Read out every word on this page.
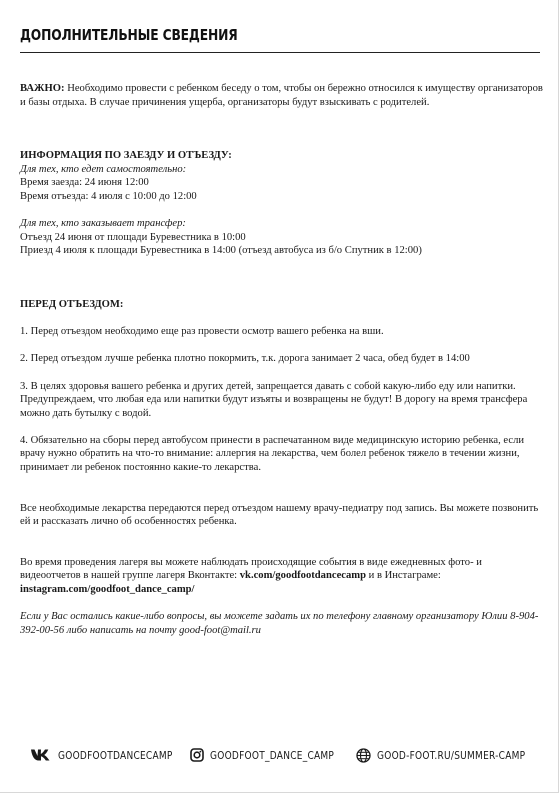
ДОПОЛНИТЕЛЬНЫЕ СВЕДЕНИЯ

ВАЖНО: Необходимо провести с ребенком беседу о том, чтобы он бережно относился к имуществу организаторов и базы отдыха. В случае причинения ущерба, организаторы будут взыскивать с родителей.

ИНФОРМАЦИЯ ПО ЗАЕЗДУ И ОТЪЕЗДУ:

Для тех, кто едет самостоятельно:

Время заезда: 24 июня 12:00

Время отъезда: 4 июля с 10:00 до 12:00

Для тех, кто заказывает трансфер:

Отъезд 24 июня от площади Буревестника в 10:00

Приезд 4 июля к площади Буревестника в 14:00 (отъезд автобуса из б/о Спутник в 12:00)

ПЕРЕД ОТЪЕЗДОМ:

1. Перед отъездом необходимо еще раз провести осмотр вашего ребенка на вши.

2. Перед отъездом лучше ребенка плотно покормить, т.к. дорога занимает 2 часа, обед будет в 14:00

3. В целях здоровья вашего ребенка и других детей, запрещается давать с собой какую-либо еду или напитки. Предупреждаем, что любая еда или напитки будут изъяты и возвращены не будут! В дорогу на время трансфера можно дать бутылку с водой.

4. Обязательно на сборы перед автобусом принести в распечатанном виде медицинскую историю ребенка, если врачу нужно обратить на что-то внимание: аллергия на лекарства, чем болел ребенок тяжело в течении жизни, принимает ли ребенок постоянно какие-то лекарства.

Все необходимые лекарства передаются перед отъездом нашему врачу-педиатру под запись. Вы можете позвонить ей и рассказать лично об особенностях ребенка.

Во время проведения лагеря вы можете наблюдать происходящие события в виде ежедневных фото- и видеоотчетов в нашей группе лагеря Вконтакте: vk.com/goodfootdancecamp и в Инстаграме: instagram.com/goodfoot_dance_camp/

Если у Вас остались какие-либо вопросы, вы можете задать их по телефону главному организатору Юлии 8-904-392-00-56 либо написать на почту good-foot@mail.ru

GOODFOOTDANCECAMP	GOODFOOT_DANCE_CAMP	GOOD-FOOT.RU/SUMMER-CAMP
